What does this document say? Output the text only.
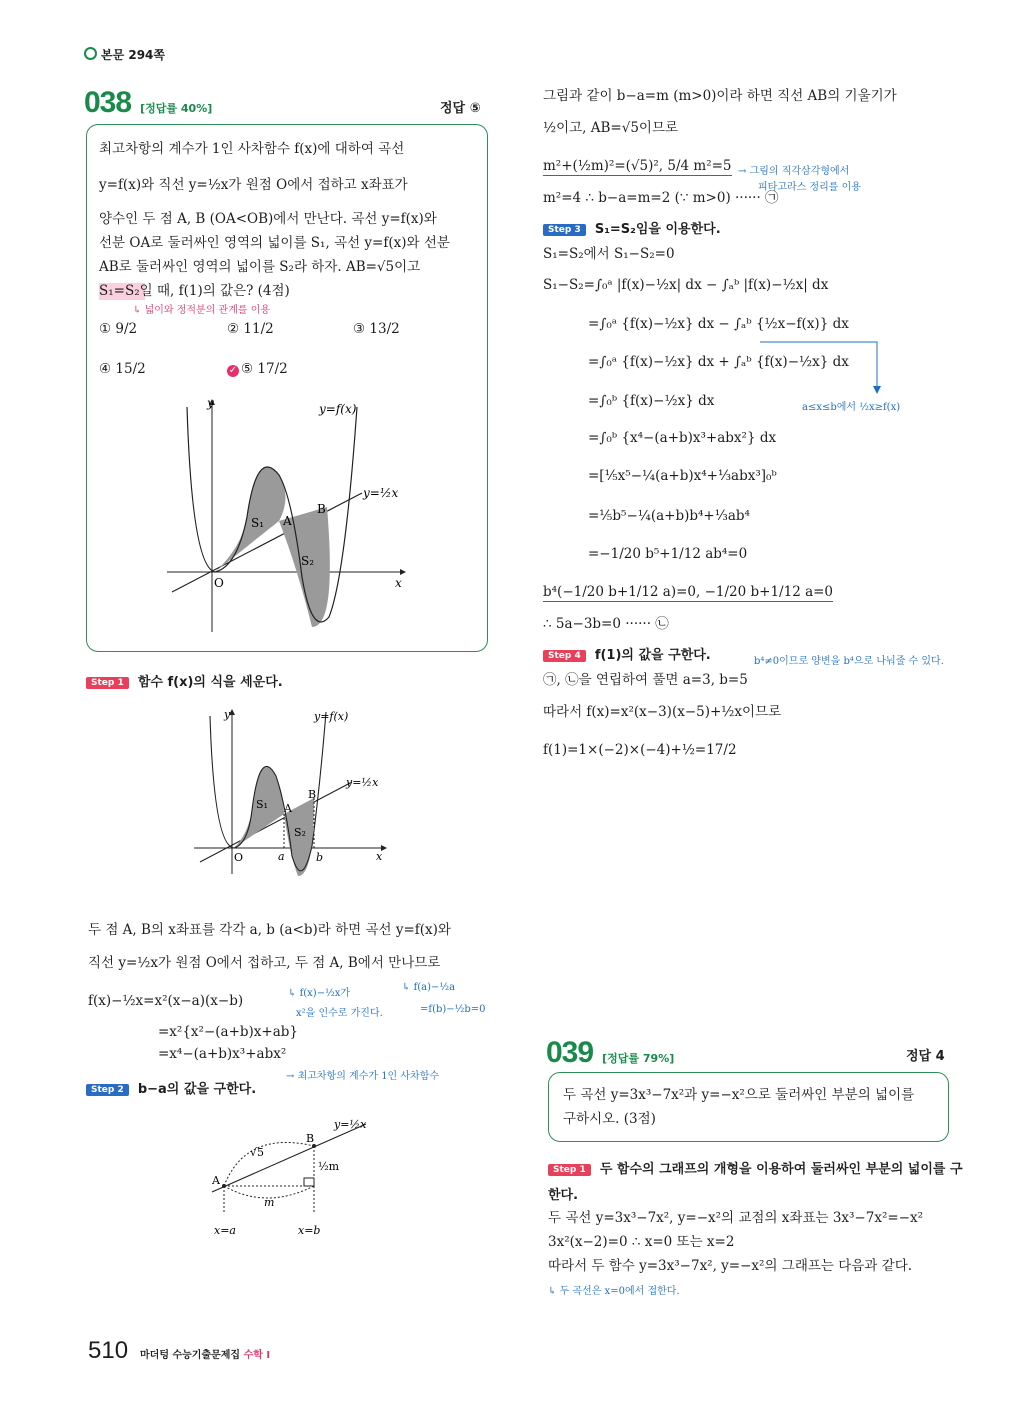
본문 294쪽
038 [정답률 40%]	정답 ⑤
최고차항의 계수가 1인 사차함수 f(x)에 대하여 곡선
y=f(x)와 직선 y=½x가 원점 O에서 접하고 x좌표가
양수인 두 점 A, B (OA<OB)에서 만난다. 곡선 y=f(x)와
선분 OA로 둘러싸인 영역의 넓이를 S₁, 곡선 y=f(x)와 선분
AB로 둘러싸인 영역의 넓이를 S₂라 하자. AB=√5이고
S₁=S₂일 때, f(1)의 값은? (4점)
↳ 넓이와 정적분의 관계를 이용
① 9/2	② 11/2	③ 13/2
④ 15/2	✓ ⑤ 17/2
O
y
x
y=f(x)
y=½x
S₁
S₂
A
B
Step 1 함수 f(x)의 식을 세운다.
O
y
x
y=f(x)
y=½x
S₁
S₂
A
B
a	b
두 점 A, B의 x좌표를 각각 a, b (a<b)라 하면 곡선 y=f(x)와
직선 y=½x가 원점 O에서 접하고, 두 점 A, B에서 만나므로
f(x)−½x=x²(x−a)(x−b)
=x²{x²−(a+b)x+ab}
=x⁴−(a+b)x³+abx²
↳ f(x)−½x가
x²을 인수로 가진다.
↳ f(a)−½a
=f(b)−½b=0
→ 최고차항의 계수가 1인 사차함수
Step 2 b−a의 값을 구한다.
y=½x
√5
½m
m
A
B
x=a	x=b
그림과 같이 b−a=m (m>0)이라 하면 직선 AB의 기울기가
½이고, AB=√5이므로
m²+(½m)²=(√5)², 5/4 m²=5
m²=4 ∴ b−a=m=2 (∵ m>0) ······ ㉠
→ 그림의 직각삼각형에서
피타고라스 정리를 이용
Step 3 S₁=S₂임을 이용한다.
S₁=S₂에서 S₁−S₂=0
S₁−S₂=∫₀ᵃ |f(x)−½x| dx − ∫ₐᵇ |f(x)−½x| dx
=∫₀ᵃ {f(x)−½x} dx − ∫ₐᵇ {½x−f(x)} dx
=∫₀ᵃ {f(x)−½x} dx + ∫ₐᵇ {f(x)−½x} dx
=∫₀ᵇ {f(x)−½x} dx
=∫₀ᵇ {x⁴−(a+b)x³+abx²} dx
=[⅕x⁵−¼(a+b)x⁴+⅓abx³]₀ᵇ
=⅕b⁵−¼(a+b)b⁴+⅓ab⁴
=−1/20 b⁵+1/12 ab⁴=0
b⁴(−1/20 b+1/12 a)=0, −1/20 b+1/12 a=0
∴ 5a−3b=0 ······ ㉡
a≤x≤b에서 ½x≥f(x)
b⁴≠0이므로 양변을 b⁴으로 나눠줄 수 있다.
Step 4 f(1)의 값을 구한다.
㉠, ㉡을 연립하여 풀면 a=3, b=5
따라서 f(x)=x²(x−3)(x−5)+½x이므로
f(1)=1×(−2)×(−4)+½=17/2
039 [정답률 79%]	정답 4
두 곡선 y=3x³−7x²과 y=−x²으로 둘러싸인 부분의 넓이를
구하시오. (3점)
Step 1 두 함수의 그래프의 개형을 이용하여 둘러싸인 부분의 넓이를 구
한다.
두 곡선 y=3x³−7x², y=−x²의 교점의 x좌표는 3x³−7x²=−x²
3x²(x−2)=0 ∴ x=0 또는 x=2
따라서 두 함수 y=3x³−7x², y=−x²의 그래프는 다음과 같다.
↳ 두 곡선은 x=0에서 접한다.
510 마더텅 수능기출문제집 수학 I
